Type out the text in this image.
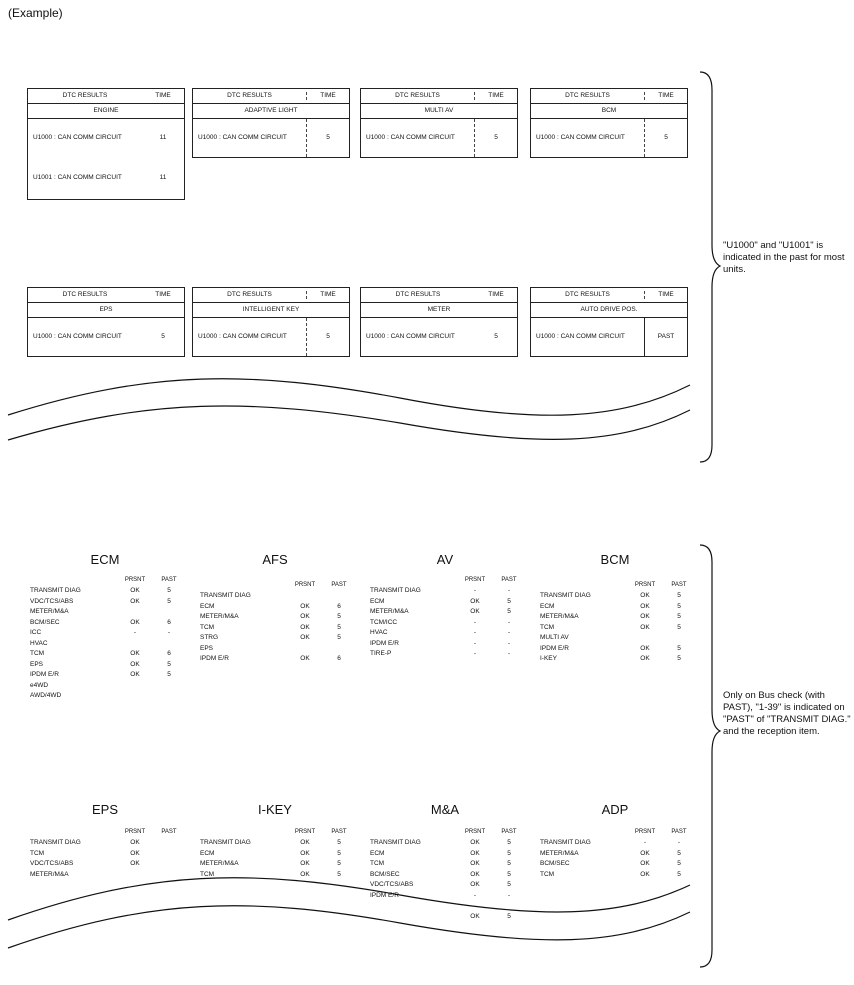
(Example)
DTC RESULTS	TIME
ENGINE
U1000 : CAN COMM CIRCUIT	11
U1001 : CAN COMM CIRCUIT	11
DTC RESULTS	TIME
ADAPTIVE LIGHT
U1000 : CAN COMM CIRCUIT	5
DTC RESULTS	TIME
MULTI AV
U1000 : CAN COMM CIRCUIT	5
DTC RESULTS	TIME
BCM
U1000 : CAN COMM CIRCUIT	5
DTC RESULTS	TIME
EPS
U1000 : CAN COMM CIRCUIT	5
DTC RESULTS	TIME
INTELLIGENT KEY
U1000 : CAN COMM CIRCUIT	5
DTC RESULTS	TIME
METER
U1000 : CAN COMM CIRCUIT	5
DTC RESULTS	TIME
AUTO DRIVE POS.
U1000 : CAN COMM CIRCUIT	PAST
"U1000" and "U1001" is indicated in the past for most units.
Only on Bus check (with PAST), "1-39" is indicated on "PAST" of "TRANSMIT DIAG." and the reception item.
ECM
PRSNT	PAST
TRANSMIT DIAG	OK	5
VDC/TCS/ABS	OK	5
METER/M&A
BCM/SEC	OK	6
ICC	-	-
HVAC
TCM	OK	6
EPS	OK	5
IPDM E/R	OK	5
e4WD
AWD/4WD
AFS
PRSNT	PAST
TRANSMIT DIAG
ECM	OK	6
METER/M&A	OK	5
TCM	OK	5
STRG	OK	5
EPS
IPDM E/R	OK	6
AV
PRSNT	PAST
TRANSMIT DIAG	-	-
ECM	OK	5
METER/M&A	OK	5
TCM/ICC	-	-
HVAC	-	-
IPDM E/R	-	-
TIRE-P	-	-
BCM
PRSNT	PAST
TRANSMIT DIAG	OK	5
ECM	OK	5
METER/M&A	OK	5
TCM	OK	5
MULTI AV
IPDM E/R	OK	5
I-KEY	OK	5
EPS
PRSNT	PAST
TRANSMIT DIAG	OK
TCM	OK
VDC/TCS/ABS	OK
METER/M&A
I-KEY
PRSNT	PAST
TRANSMIT DIAG	OK	5
ECM	OK	5
METER/M&A	OK	5
TCM	OK	5
M&A
PRSNT	PAST
TRANSMIT DIAG	OK	5
ECM	OK	5
TCM	OK	5
BCM/SEC	OK	5
VDC/TCS/ABS	OK	5
IPDM E/R	-	-
OK	5
ADP
PRSNT	PAST
TRANSMIT DIAG	-	-
METER/M&A	OK	5
BCM/SEC	OK	5
TCM	OK	5
